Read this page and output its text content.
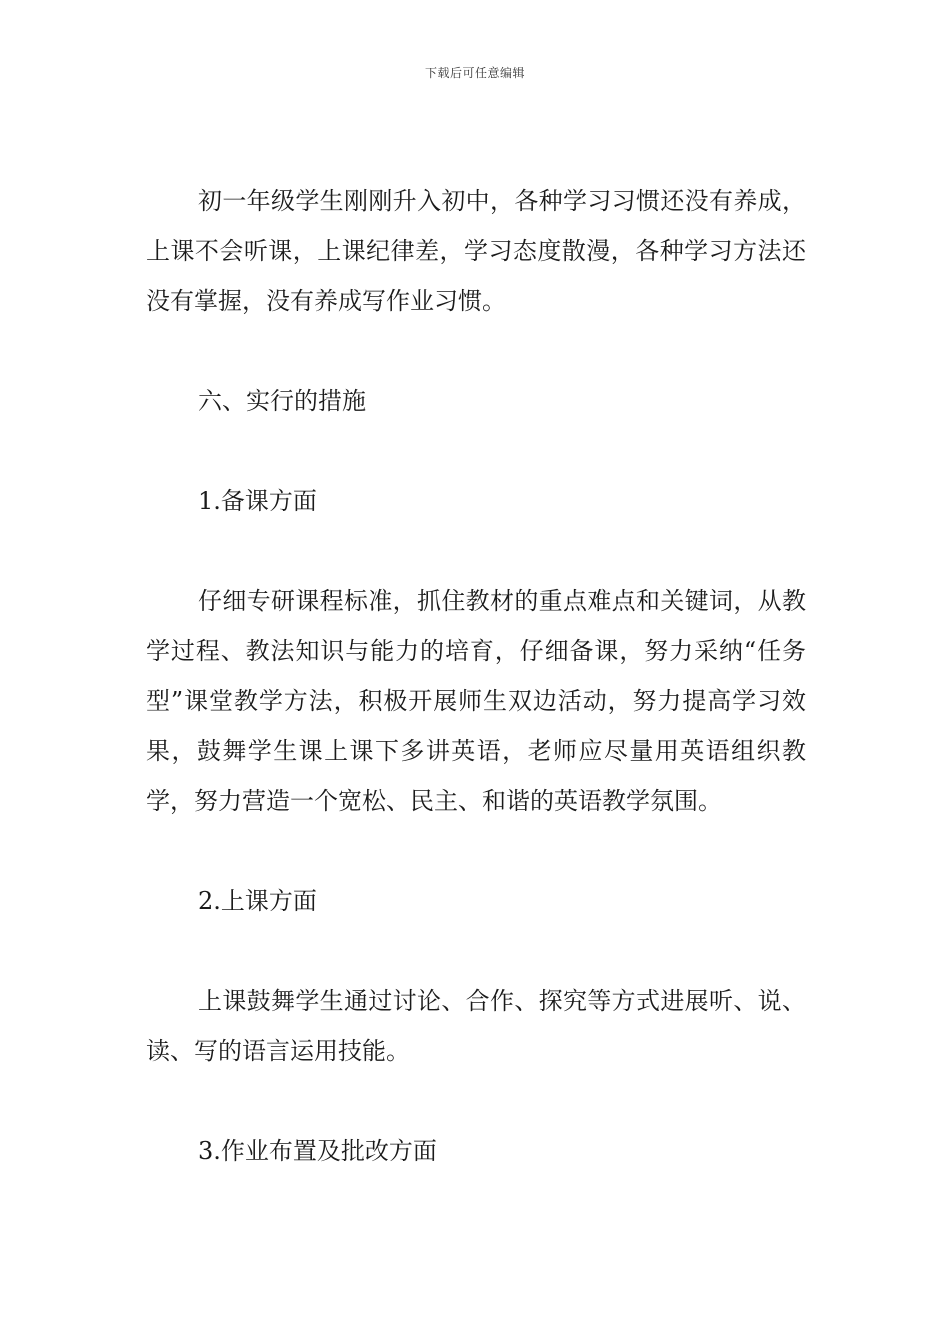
下载后可任意编辑

初一年级学生刚刚升入初中，各种学习习惯还没有养成，上课不会听课，上课纪律差，学习态度散漫，各种学习方法还没有掌握，没有养成写作业习惯。

六、实行的措施

1.备课方面

仔细专研课程标准，抓住教材的重点难点和关键词，从教学过程、教法知识与能力的培育，仔细备课，努力采纳“任务型”课堂教学方法，积极开展师生双边活动，努力提高学习效果，鼓舞学生课上课下多讲英语，老师应尽量用英语组织教学，努力营造一个宽松、民主、和谐的英语教学氛围。

2.上课方面

上课鼓舞学生通过讨论、合作、探究等方式进展听、说、读、写的语言运用技能。

3.作业布置及批改方面
